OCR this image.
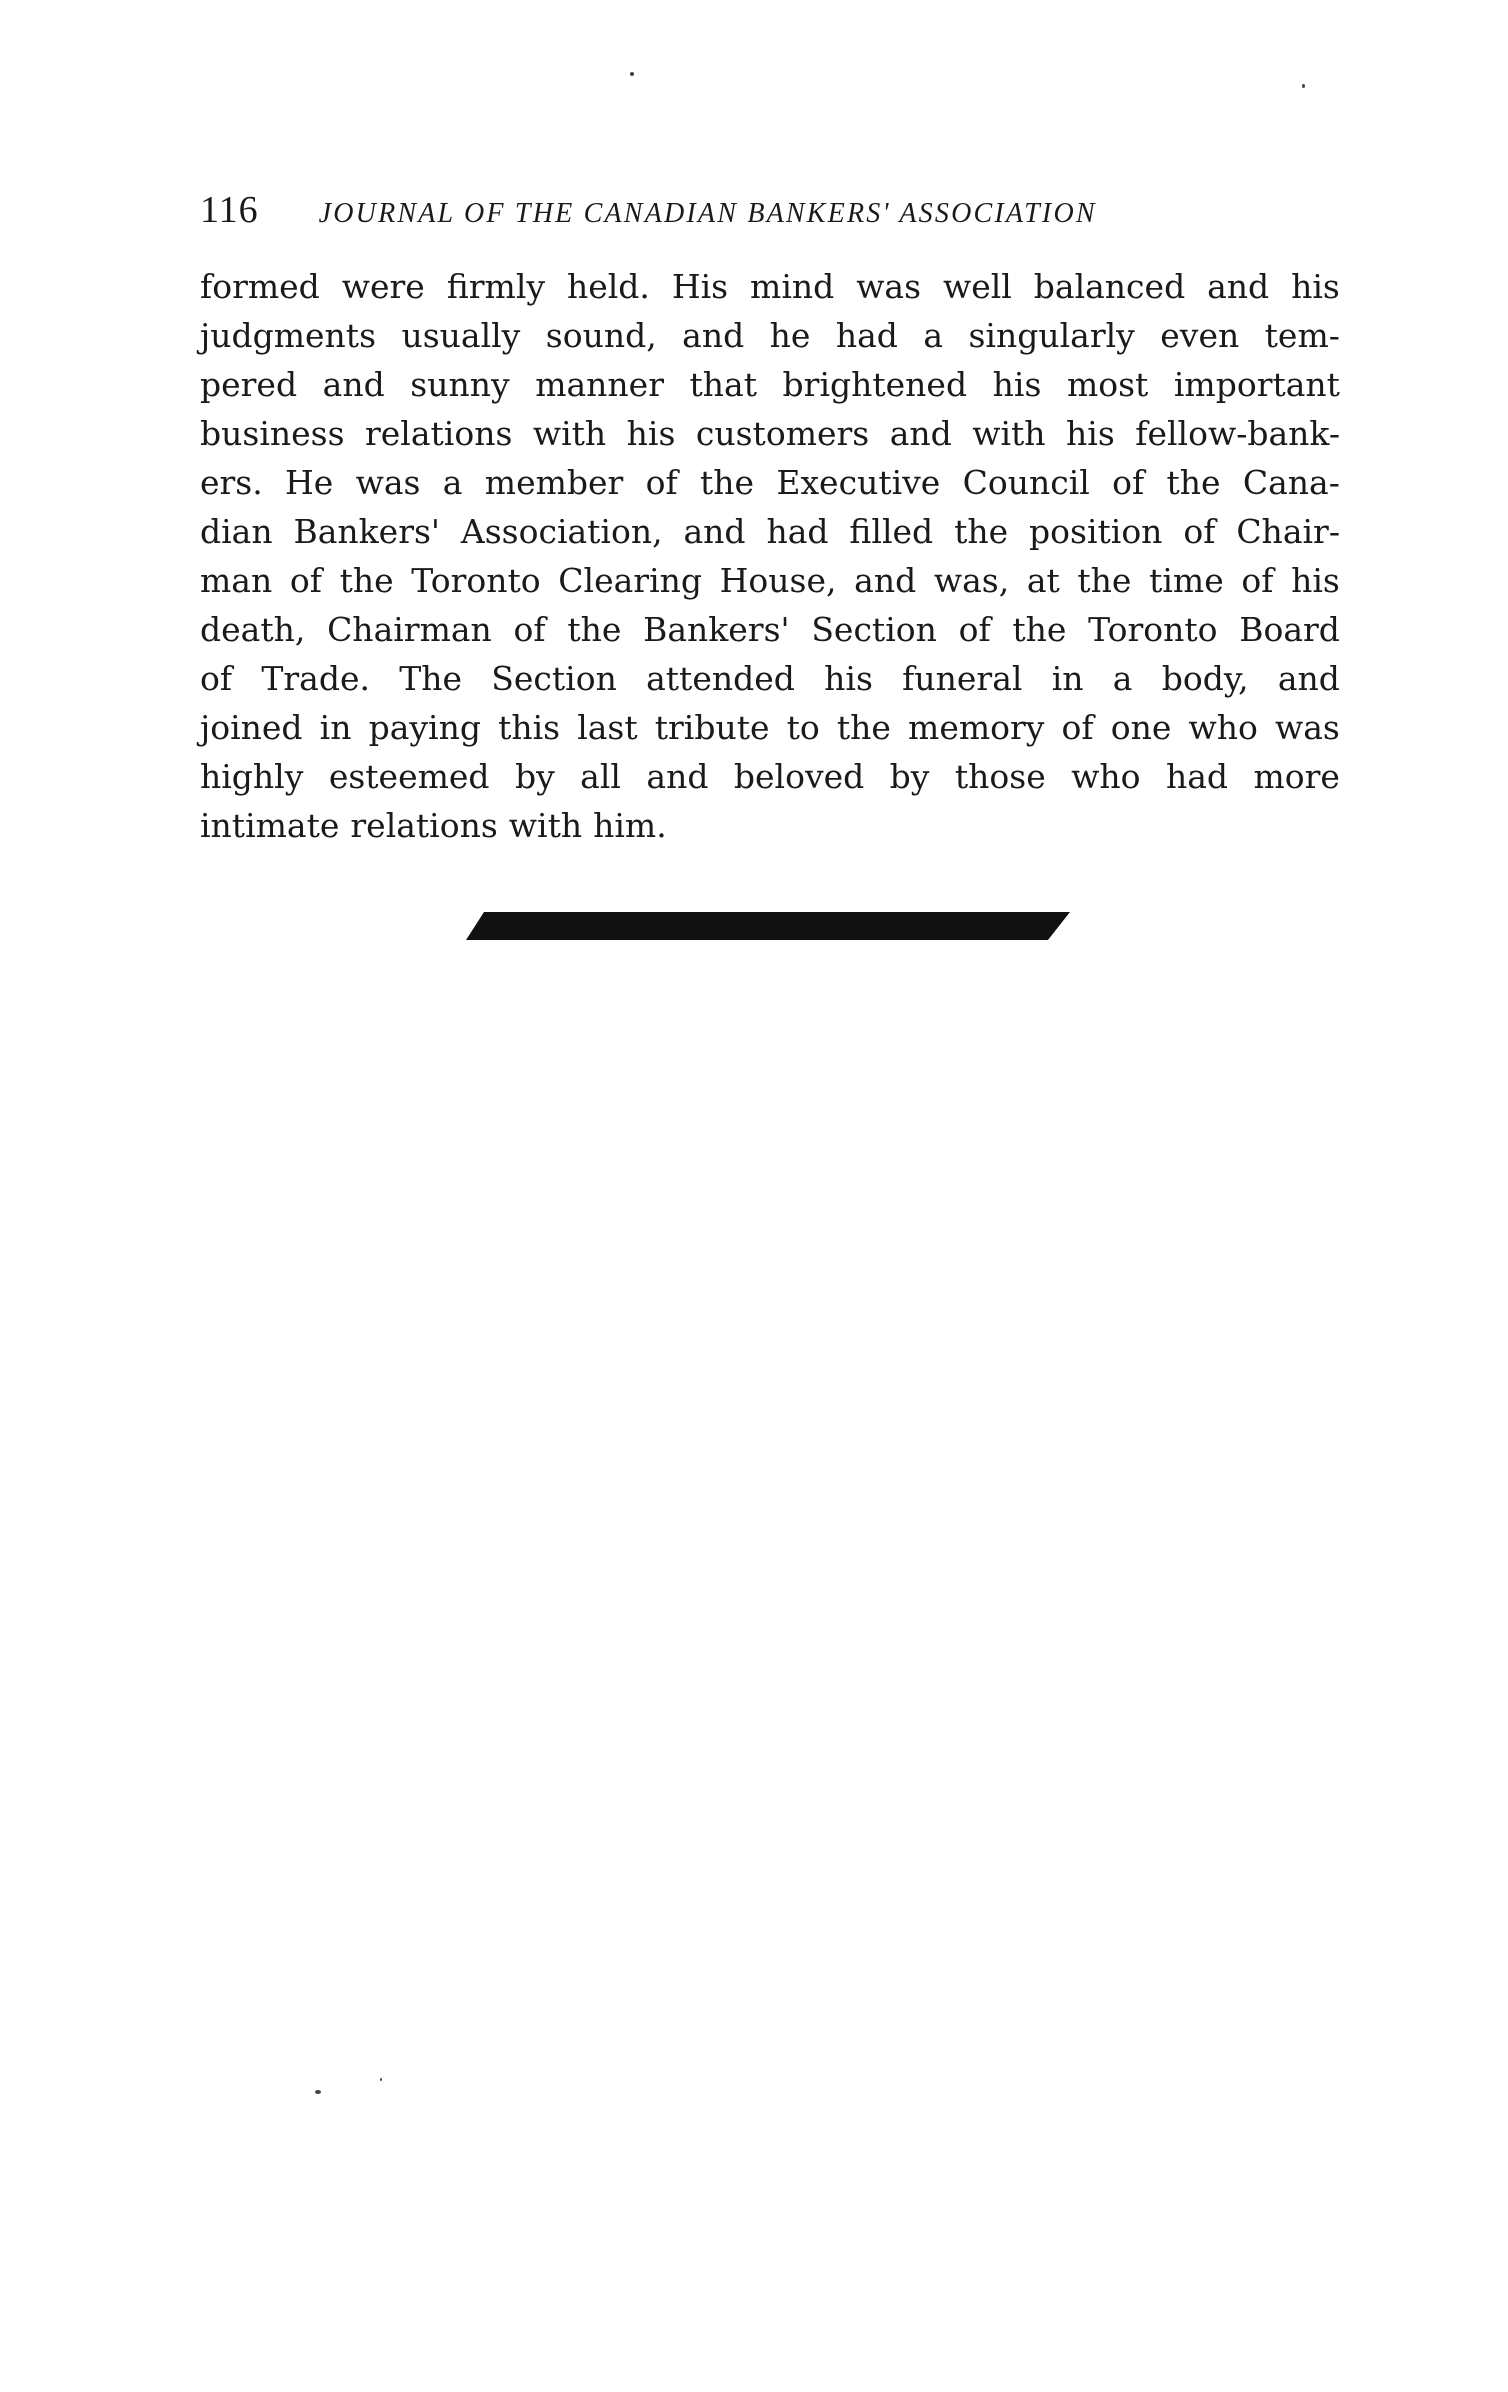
116 JOURNAL OF THE CANADIAN BANKERS' ASSOCIATION
formed were firmly held. His mind was well balanced and his
judgments usually sound, and he had a singularly even tem-
pered and sunny manner that brightened his most important
business relations with his customers and with his fellow-bank-
ers. He was a member of the Executive Council of the Cana-
dian Bankers' Association, and had filled the position of Chair-
man of the Toronto Clearing House, and was, at the time of his
death, Chairman of the Bankers' Section of the Toronto Board
of Trade. The Section attended his funeral in a body, and
joined in paying this last tribute to the memory of one who was
highly esteemed by all and beloved by those who had more
intimate relations with him.
